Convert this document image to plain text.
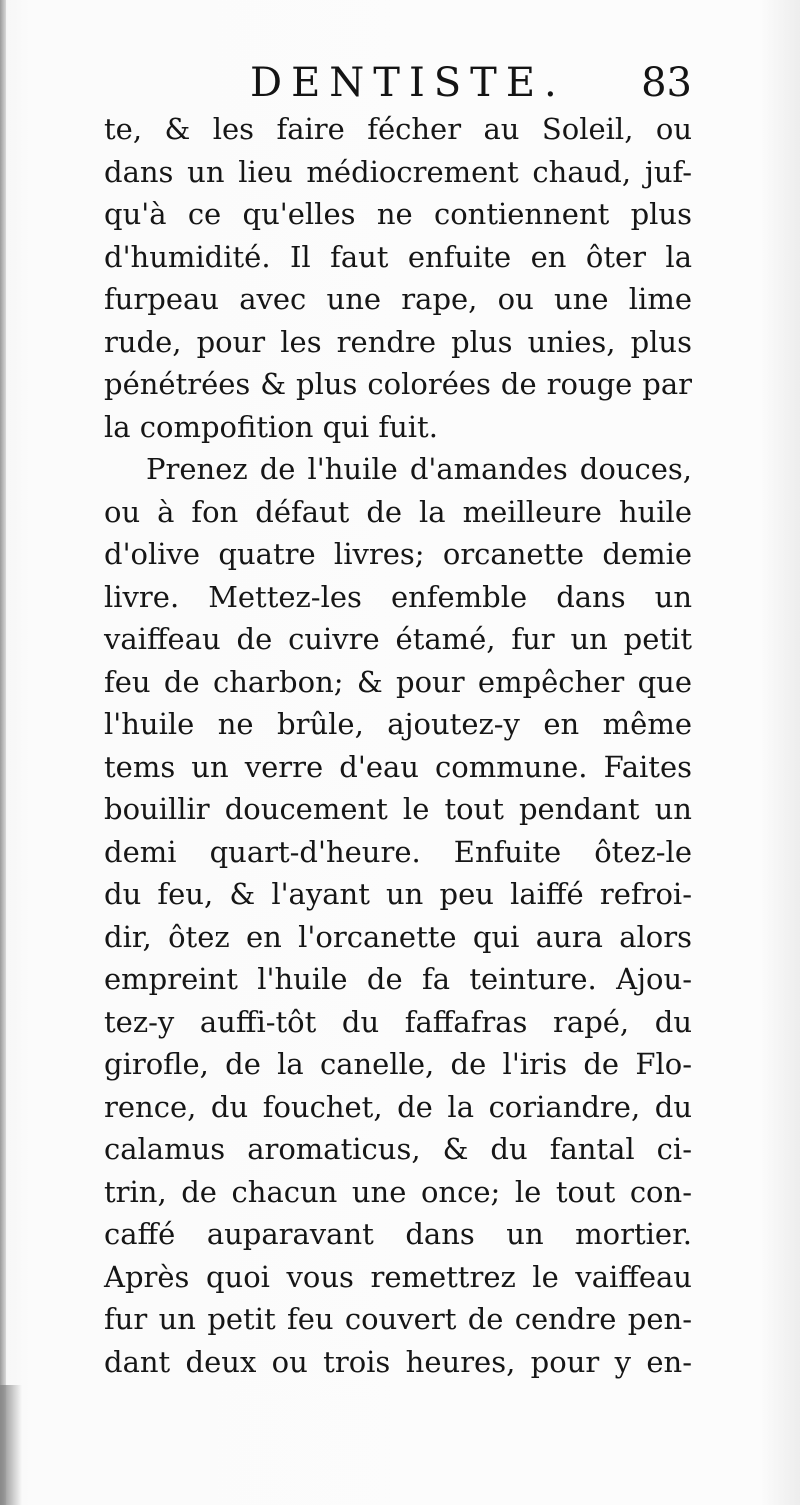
DENTISTE. 83
te, & les faire fécher au Soleil, ou
dans un lieu médiocrement chaud, juf-
qu'à ce qu'elles ne contiennent plus
d'humidité. Il faut enfuite en ôter la
furpeau avec une rape, ou une lime
rude, pour les rendre plus unies, plus
pénétrées & plus colorées de rouge par
la compofition qui fuit.
Prenez de l'huile d'amandes douces,
ou à fon défaut de la meilleure huile
d'olive quatre livres; orcanette demie
livre. Mettez-les enfemble dans un
vaiffeau de cuivre étamé, fur un petit
feu de charbon; & pour empêcher que
l'huile ne brûle, ajoutez-y en même
tems un verre d'eau commune. Faites
bouillir doucement le tout pendant un
demi quart-d'heure. Enfuite ôtez-le
du feu, & l'ayant un peu laiffé refroi-
dir, ôtez en l'orcanette qui aura alors
empreint l'huile de fa teinture. Ajou-
tez-y auffi-tôt du faffafras rapé, du
girofle, de la canelle, de l'iris de Flo-
rence, du fouchet, de la coriandre, du
calamus aromaticus, & du fantal ci-
trin, de chacun une once; le tout con-
caffé auparavant dans un mortier.
Après quoi vous remettrez le vaiffeau
fur un petit feu couvert de cendre pen-
dant deux ou trois heures, pour y en-
